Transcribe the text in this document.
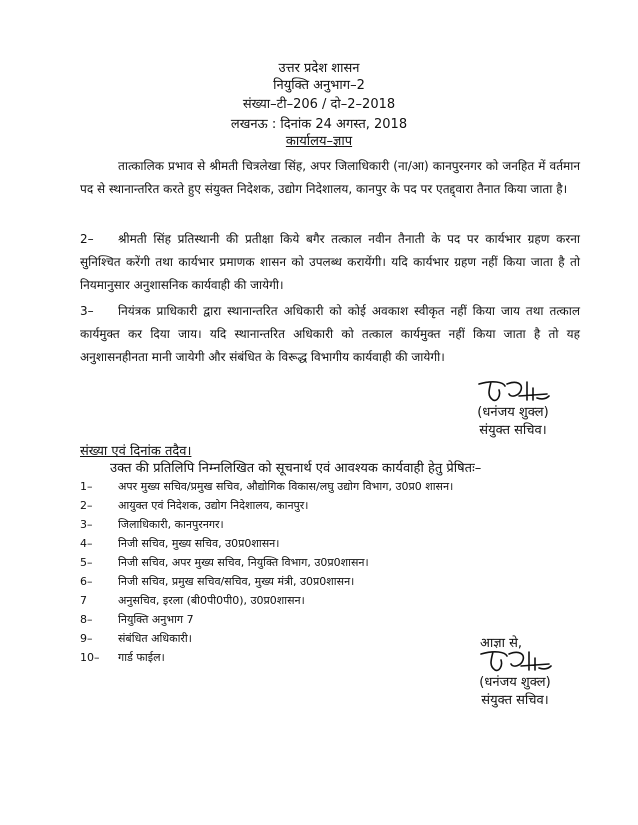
उत्तर प्रदेश शासन
नियुक्ति अनुभाग–2
संख्या–टी–206 / दो–2–2018
लखनऊ : दिनांक 24 अगस्त, 2018
कार्यालय–ज्ञाप
तात्कालिक प्रभाव से श्रीमती चित्रलेखा सिंह, अपर जिलाधिकारी (ना/आ) कानपुरनगर को जनहित में वर्तमान पद से स्थानान्तरित करते हुए संयुक्त निदेशक, उद्योग निदेशालय, कानपुर के पद पर एतद्द्वारा तैनात किया जाता है।
2– श्रीमती सिंह प्रतिस्थानी की प्रतीक्षा किये बगैर तत्काल नवीन तैनाती के पद पर कार्यभार ग्रहण करना सुनिश्चित करेंगी तथा कार्यभार प्रमाणक शासन को उपलब्ध करायेंगी। यदि कार्यभार ग्रहण नहीं किया जाता है तो नियमानुसार अनुशासनिक कार्यवाही की जायेगी।
3– नियंत्रक प्राधिकारी द्वारा स्थानान्तरित अधिकारी को कोई अवकाश स्वीकृत नहीं किया जाय तथा तत्काल कार्यमुक्त कर दिया जाय। यदि स्थानान्तरित अधिकारी को तत्काल कार्यमुक्त नहीं किया जाता है तो यह अनुशासनहीनता मानी जायेगी और संबंधित के विरूद्ध विभागीय कार्यवाही की जायेगी।
(धनंजय शुक्ल)
संयुक्त सचिव।
संख्या एवं दिनांक तदैव।
उक्त की प्रतिलिपि निम्नलिखित को सूचनार्थ एवं आवश्यक कार्यवाही हेतु प्रेषितः–
1– अपर मुख्य सचिव/प्रमुख सचिव, औद्योगिक विकास/लघु उद्योग विभाग, उ0प्र0 शासन।
2– आयुक्त एवं निदेशक, उद्योग निदेशालय, कानपुर।
3– जिलाधिकारी, कानपुरनगर।
4– निजी सचिव, मुख्य सचिव, उ0प्र0शासन।
5– निजी सचिव, अपर मुख्य सचिव, नियुक्ति विभाग, उ0प्र0शासन।
6– निजी सचिव, प्रमुख सचिव/सचिव, मुख्य मंत्री, उ0प्र0शासन।
7	अनुसचिव, इरला (बी0पी0पी0), उ0प्र0शासन।
8– नियुक्ति अनुभाग 7
9– संबंधित अधिकारी।
10– गार्ड फाईल।
आज्ञा से,
(धनंजय शुक्ल)
संयुक्त सचिव।
